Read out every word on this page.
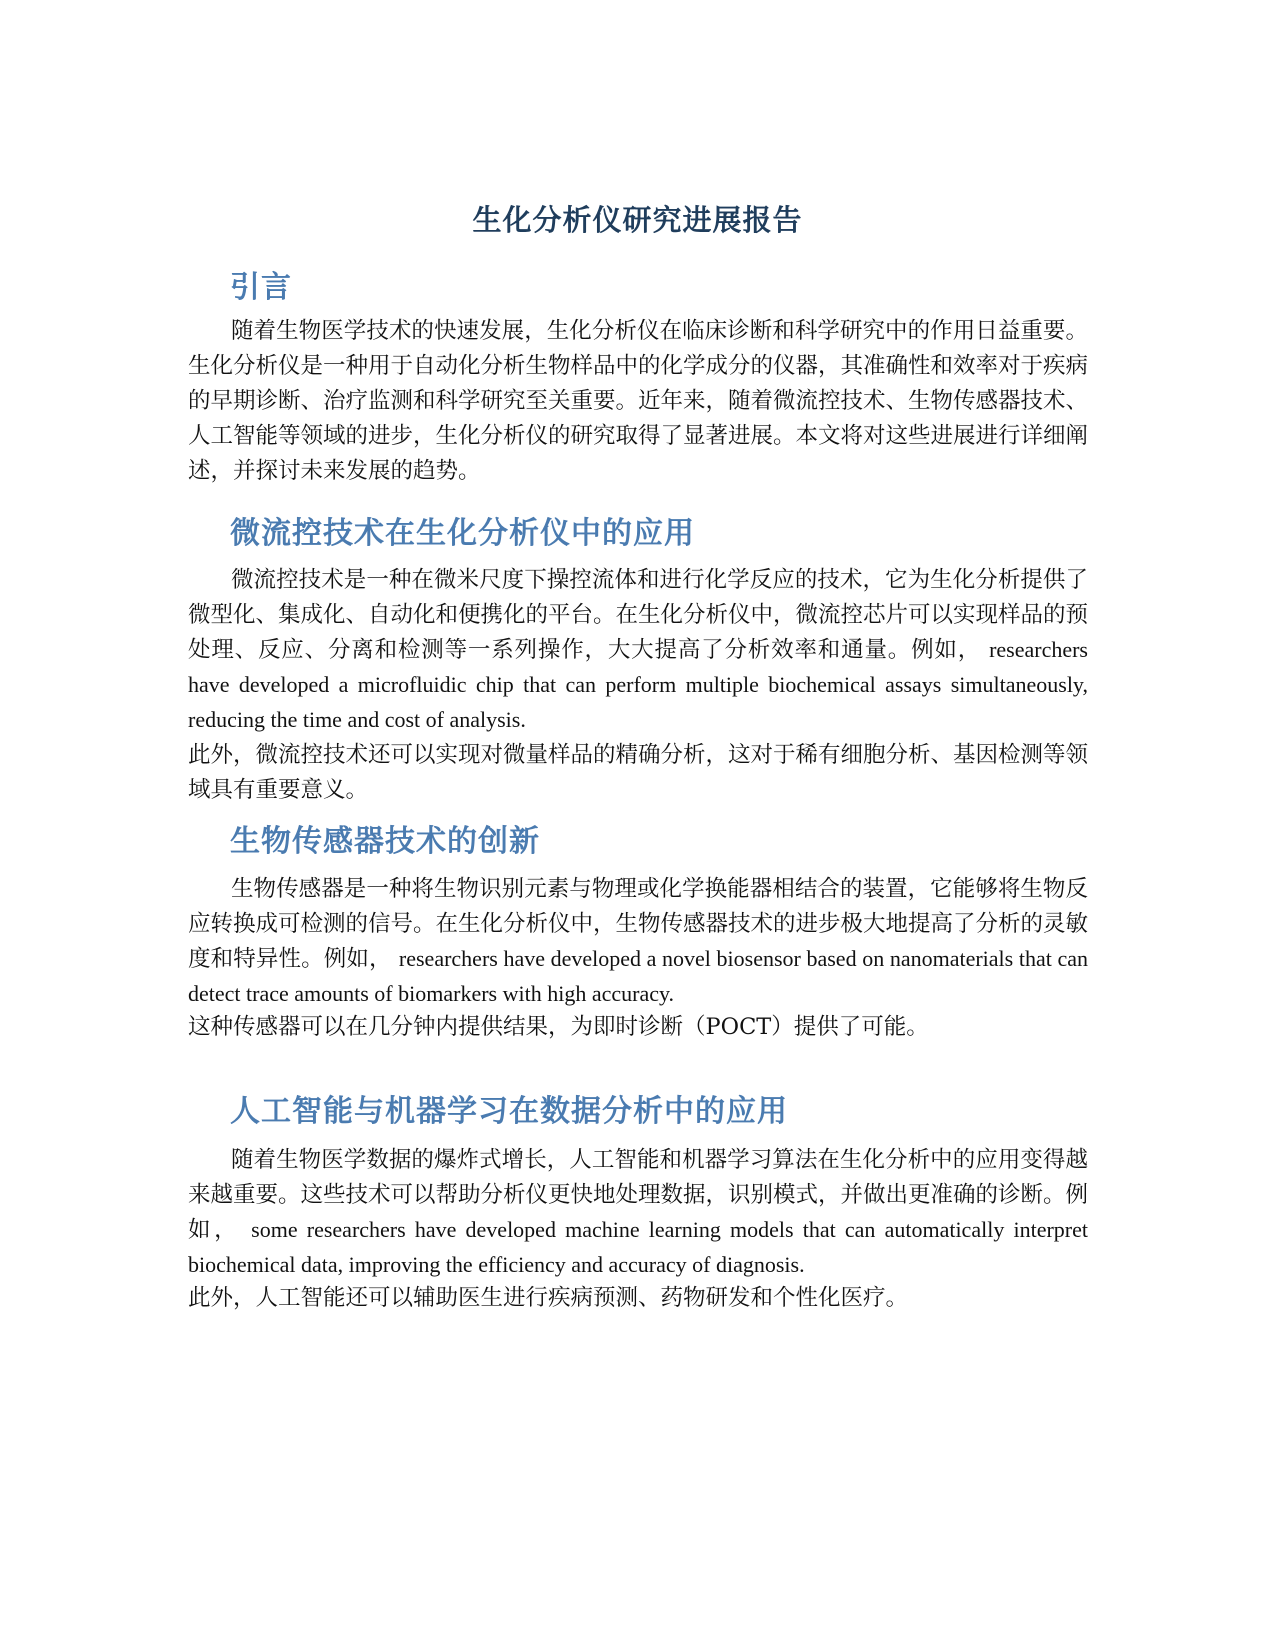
生化分析仪研究进展报告
引言

随着生物医学技术的快速发展，生化分析仪在临床诊断和科学研究中的作用日益重要。生化分析仪是一种用于自动化分析生物样品中的化学成分的仪器，其准确性和效率对于疾病的早期诊断、治疗监测和科学研究至关重要。近年来，随着微流控技术、生物传感器技术、人工智能等领域的进步，生化分析仪的研究取得了显著进展。本文将对这些进展进行详细阐述，并探讨未来发展的趋势。

微流控技术在生化分析仪中的应用

微流控技术是一种在微米尺度下操控流体和进行化学反应的技术，它为生化分析提供了微型化、集成化、自动化和便携化的平台。在生化分析仪中，微流控芯片可以实现样品的预处理、反应、分离和检测等一系列操作，大大提高了分析效率和通量。例如， researchers have developed a microfluidic chip that can perform multiple biochemical assays simultaneously, reducing the time and cost of analysis.
此外，微流控技术还可以实现对微量样品的精确分析，这对于稀有细胞分析、基因检测等领域具有重要意义。

生物传感器技术的创新

生物传感器是一种将生物识别元素与物理或化学换能器相结合的装置，它能够将生物反应转换成可检测的信号。在生化分析仪中，生物传感器技术的进步极大地提高了分析的灵敏度和特异性。例如， researchers have developed a novel biosensor based on nanomaterials that can detect trace amounts of biomarkers with high accuracy.
这种传感器可以在几分钟内提供结果，为即时诊断（POCT）提供了可能。

人工智能与机器学习在数据分析中的应用

随着生物医学数据的爆炸式增长，人工智能和机器学习算法在生化分析中的应用变得越来越重要。这些技术可以帮助分析仪更快地处理数据，识别模式，并做出更准确的诊断。例如， some researchers have developed machine learning models that can automatically interpret biochemical data, improving the efficiency and accuracy of diagnosis.
此外，人工智能还可以辅助医生进行疾病预测、药物研发和个性化医疗。
